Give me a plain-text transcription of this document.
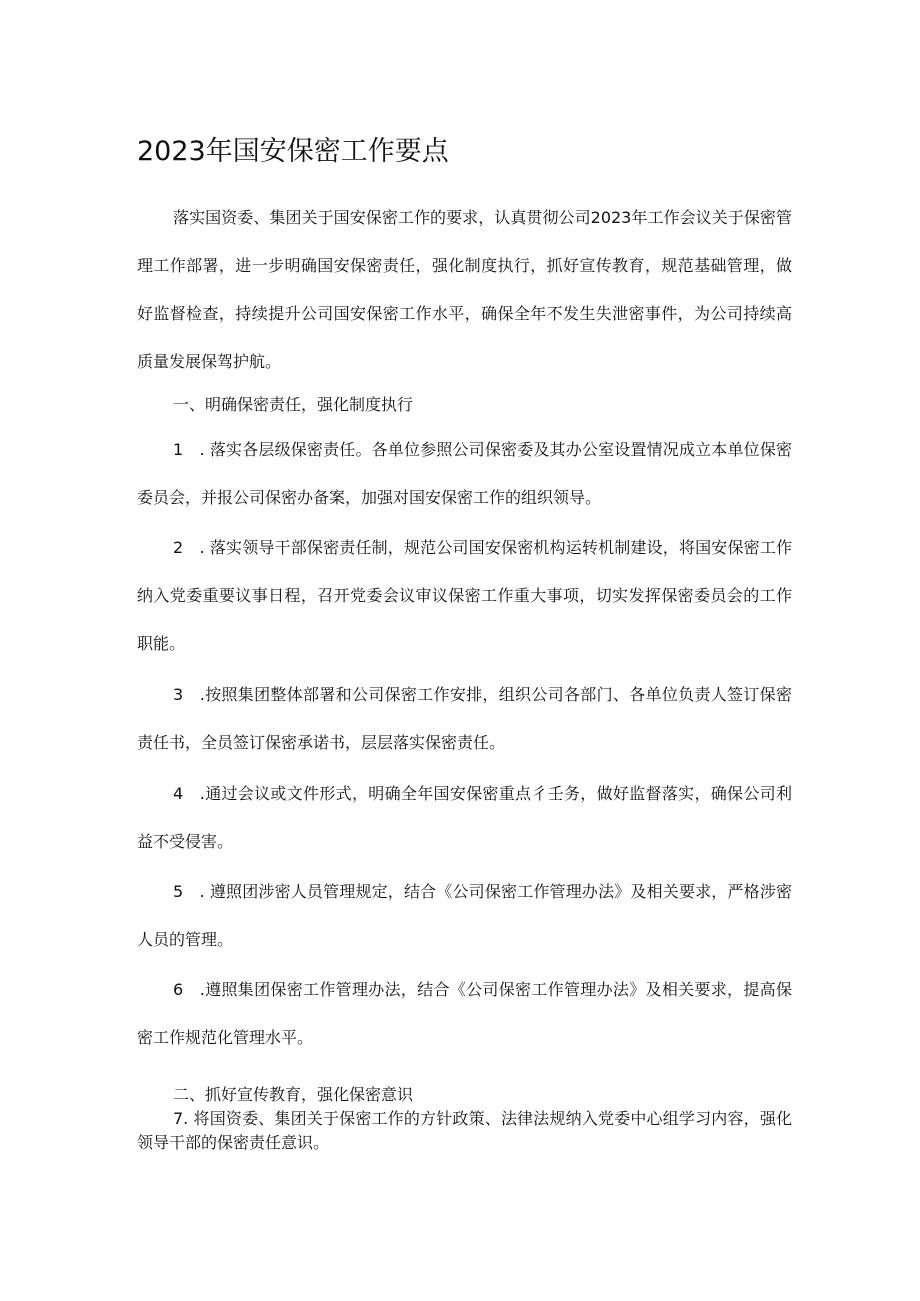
2023年国安保密工作要点

落实国资委、集团关于国安保密工作的要求，认真贯彻公司2023年工作会议关于保密管理工作部署，进一步明确国安保密责任，强化制度执行，抓好宣传教育，规范基础管理，做好监督检查，持续提升公司国安保密工作水平，确保全年不发生失泄密事件，为公司持续高质量发展保驾护航。

一、明确保密责任，强化制度执行

1　. 落实各层级保密责任。各单位参照公司保密委及其办公室设置情况成立本单位保密委员会，并报公司保密办备案，加强对国安保密工作的组织领导。

2　. 落实领导干部保密责任制，规范公司国安保密机构运转机制建设，将国安保密工作纳入党委重要议事日程，召开党委会议审议保密工作重大事项，切实发挥保密委员会的工作职能。

3　.按照集团整体部署和公司保密工作安排，组织公司各部门、各单位负责人签订保密责任书，全员签订保密承诺书，层层落实保密责任。

4　.通过会议或文件形式，明确全年国安保密重点彳壬务，做好监督落实，确保公司利益不受侵害。

5　. 遵照团涉密人员管理规定，结合《公司保密工作管理办法》及相关要求，严格涉密人员的管理。

6　.遵照集团保密工作管理办法，结合《公司保密工作管理办法》及相关要求，提高保密工作规范化管理水平。

二、抓好宣传教育，强化保密意识

7. 将国资委、集团关于保密工作的方针政策、法律法规纳入党委中心组学习内容，强化领导干部的保密责任意识。
